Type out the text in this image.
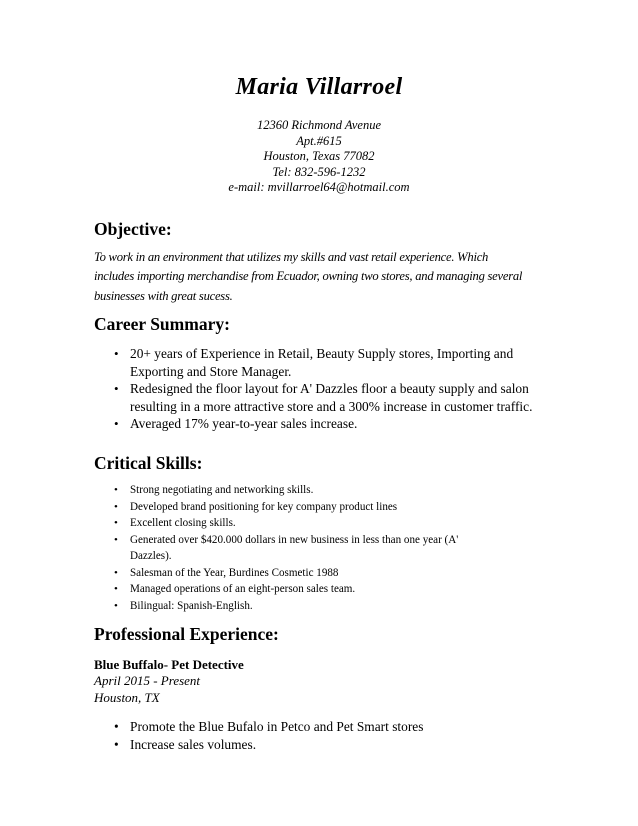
Maria Villarroel
12360 Richmond Avenue
Apt.#615
Houston, Texas 77082
Tel: 832-596-1232
e-mail: mvillarroel64@hotmail.com
Objective:
To work in an environment that utilizes my skills and vast retail experience. Which
includes importing merchandise from Ecuador, owning two stores, and managing several
businesses with great sucess.
Career Summary:
• 20+ years of Experience in Retail, Beauty Supply stores, Importing and
Exporting and Store Manager.
• Redesigned the floor layout for A' Dazzles floor a beauty supply and salon
resulting in a more attractive store and a 300% increase in customer traffic.
• Averaged 17% year-to-year sales increase.
Critical Skills:
• Strong negotiating and networking skills.
• Developed brand positioning for key company product lines
• Excellent closing skills.
• Generated over $420.000 dollars in new business in less than one year (A'
Dazzles).
• Salesman of the Year, Burdines Cosmetic 1988
• Managed operations of an eight-person sales team.
• Bilingual: Spanish-English.
Professional Experience:
Blue Buffalo- Pet Detective
April 2015 - Present
Houston, TX
• Promote the Blue Bufalo in Petco and Pet Smart stores
• Increase sales volumes.
